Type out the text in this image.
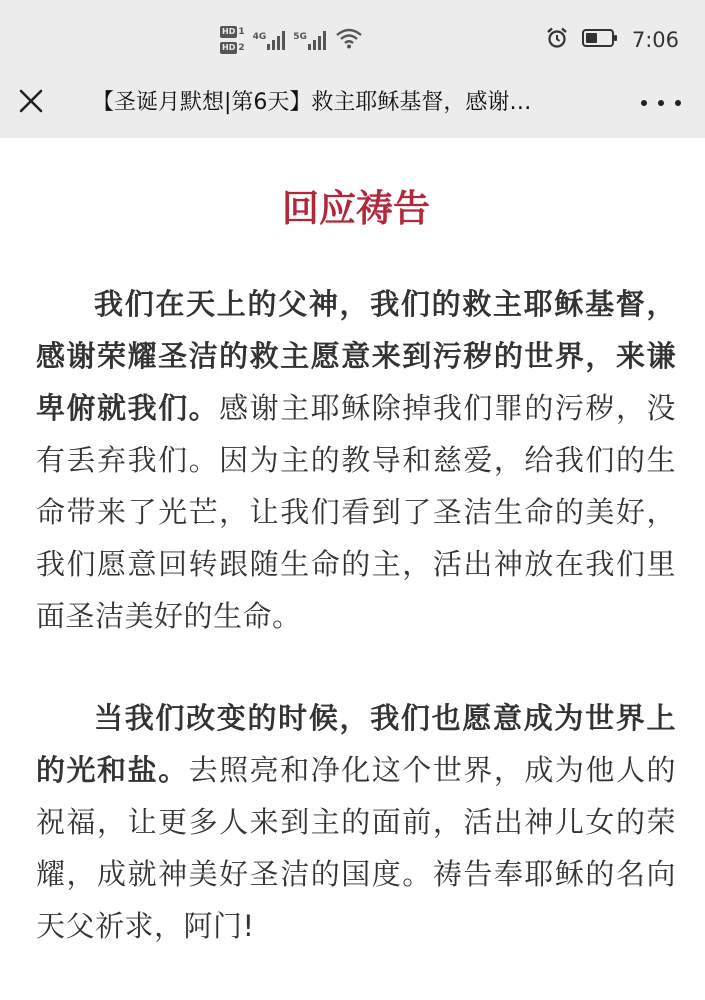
HD 1
HD 2
4G	5G	7:06
【圣诞月默想|第6天】救主耶稣基督，感谢…
回应祷告

我们在天上的父神，我们的救主耶稣基督，感谢荣耀圣洁的救主愿意来到污秽的世界，来谦卑俯就我们。感谢主耶稣除掉我们罪的污秽，没有丢弃我们。因为主的教导和慈爱，给我们的生命带来了光芒，让我们看到了圣洁生命的美好，我们愿意回转跟随生命的主，活出神放在我们里面圣洁美好的生命。

当我们改变的时候，我们也愿意成为世界上的光和盐。去照亮和净化这个世界，成为他人的祝福，让更多人来到主的面前，活出神儿女的荣耀，成就神美好圣洁的国度。祷告奉耶稣的名向天父祈求，阿门!
